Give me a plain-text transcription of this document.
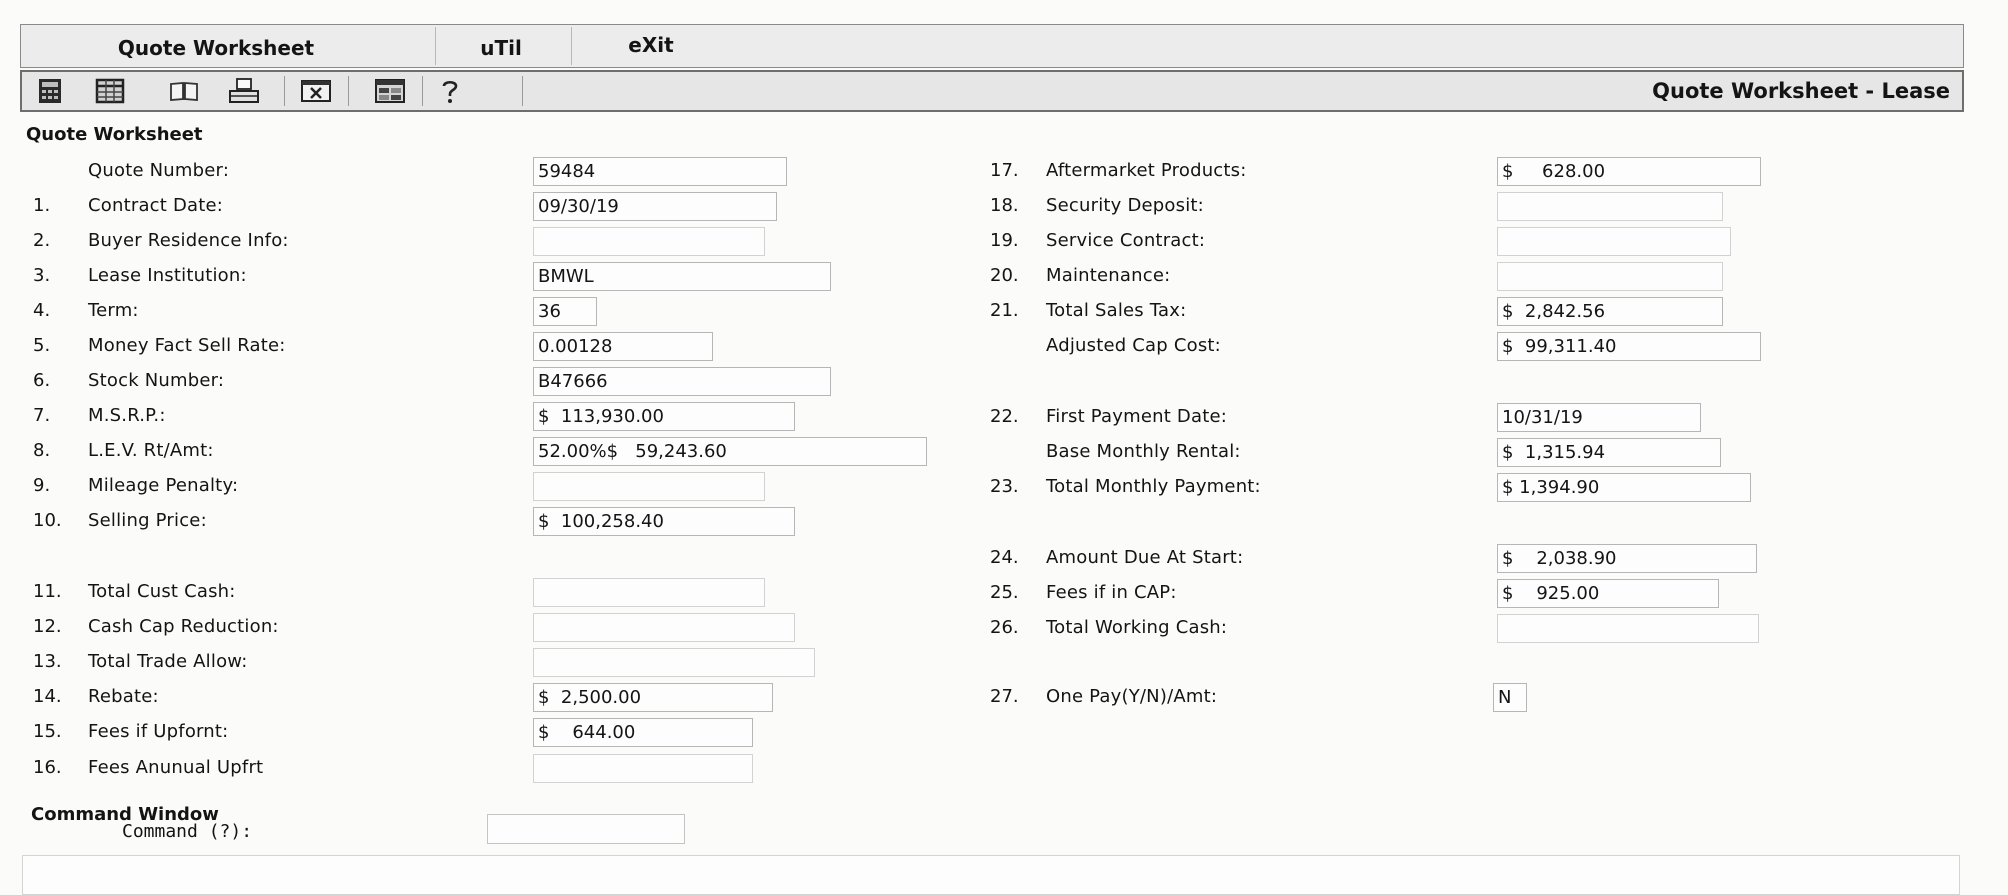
Quote Worksheet	uTil	eXit
Quote Worksheet - Lease
Quote Worksheet
Quote Number:	59484
1. Contract Date:	09/30/19
2. Buyer Residence Info:
3. Lease Institution:	BMWL
4. Term:	36
5. Money Fact Sell Rate:	0.00128
6. Stock Number:	B47666
7. M.S.R.P.:	$  113,930.00
8. L.E.V. Rt/Amt:	52.00%$   59,243.60
9. Mileage Penalty:
10. Selling Price:	$  100,258.40
11. Total Cust Cash:
12. Cash Cap Reduction:
13. Total Trade Allow:
14. Rebate:	$  2,500.00
15. Fees if Upfornt:	$    644.00
16. Fees Anunual Upfrt
17. Aftermarket Products:	$     628.00
18. Security Deposit:
19. Service Contract:
20. Maintenance:
21. Total Sales Tax:	$  2,842.56
Adjusted Cap Cost:	$  99,311.40
22. First Payment Date:	10/31/19
Base Monthly Rental:	$  1,315.94
23. Total Monthly Payment:	$ 1,394.90
24. Amount Due At Start:	$    2,038.90
25. Fees if in CAP:	$    925.00
26. Total Working Cash:
27. One Pay(Y/N)/Amt:	N
Command Window
Command (?):
